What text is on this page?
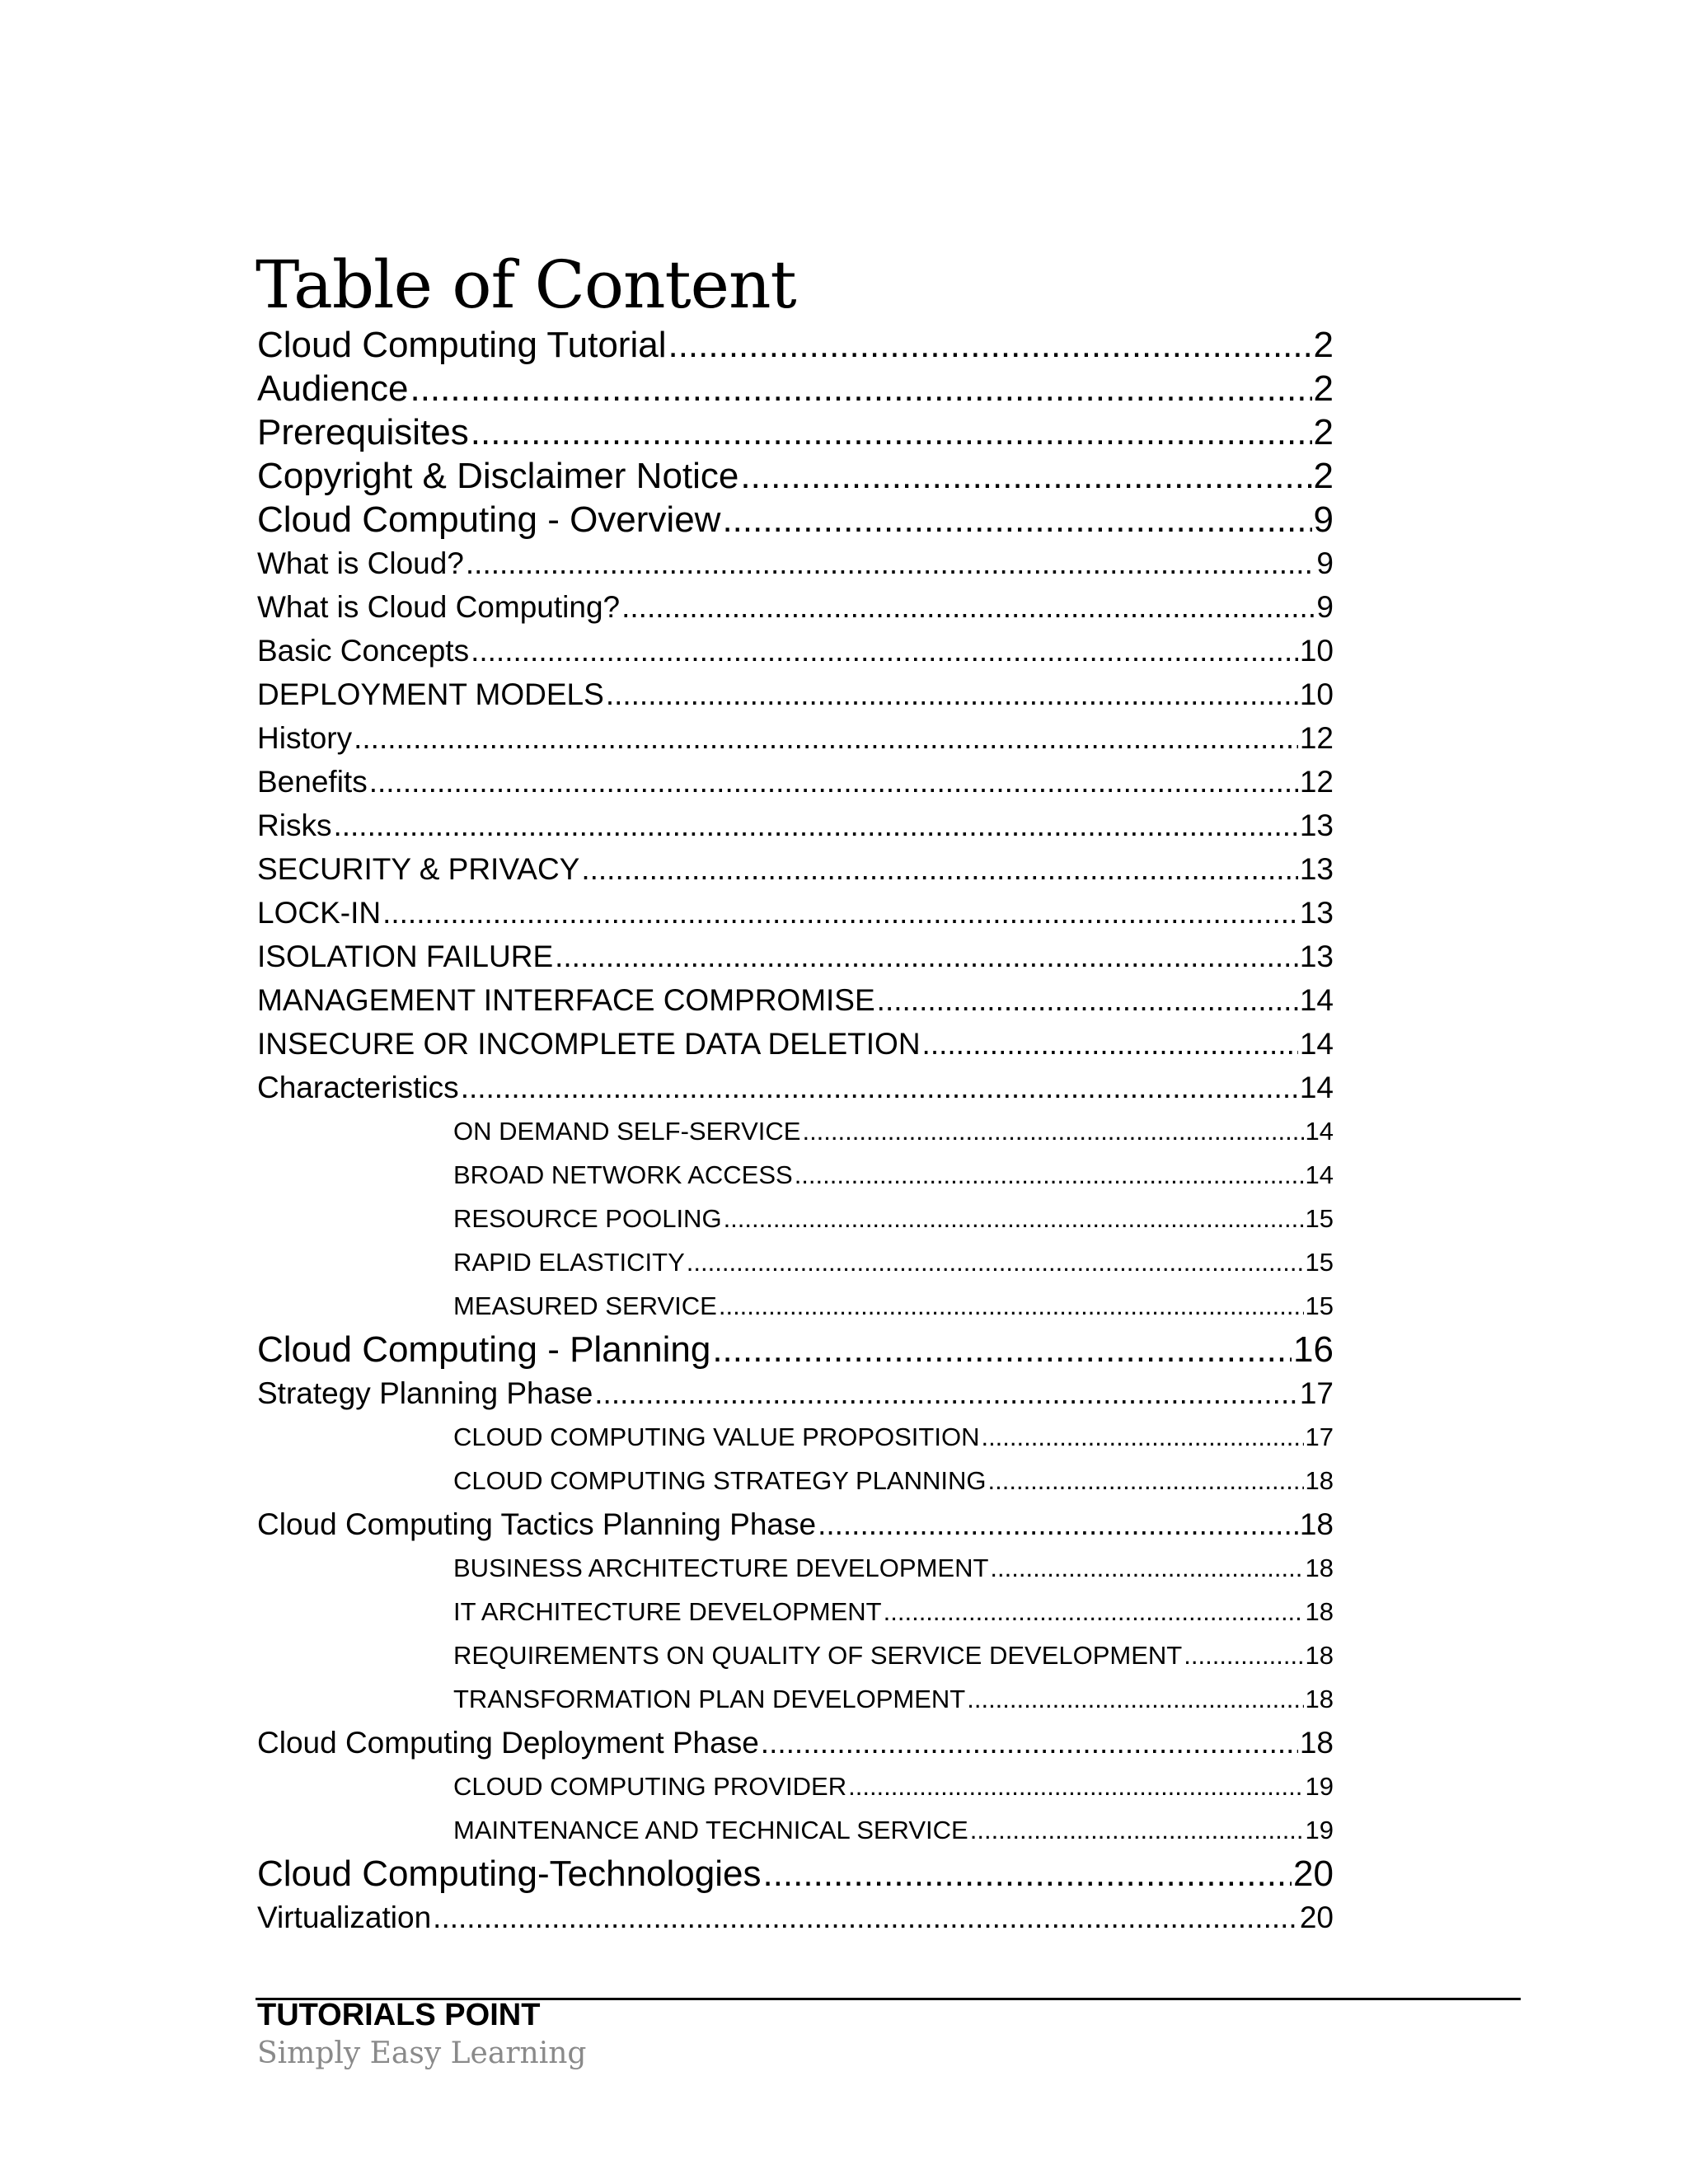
Table of Content
Cloud Computing Tutorial .....	2
Audience .....	2
Prerequisites .....	2
Copyright & Disclaimer Notice .....	2
Cloud Computing - Overview .....	9
What is Cloud? .....	9
What is Cloud Computing? .....	9
Basic Concepts .....	10
DEPLOYMENT MODELS .....	10
History .....	12
Benefits .....	12
Risks .....	13
SECURITY & PRIVACY .....	13
LOCK-IN .....	13
ISOLATION FAILURE .....	13
MANAGEMENT INTERFACE COMPROMISE .....	14
INSECURE OR INCOMPLETE DATA DELETION .....	14
Characteristics .....	14
ON DEMAND SELF-SERVICE .....	14
BROAD NETWORK ACCESS .....	14
RESOURCE POOLING .....	15
RAPID ELASTICITY .....	15
MEASURED SERVICE .....	15
Cloud Computing - Planning .....	16
Strategy Planning Phase .....	17
CLOUD COMPUTING VALUE PROPOSITION .....	17
CLOUD COMPUTING STRATEGY PLANNING .....	18
Cloud Computing Tactics Planning Phase .....	18
BUSINESS ARCHITECTURE DEVELOPMENT .....	18
IT ARCHITECTURE DEVELOPMENT .....	18
REQUIREMENTS ON QUALITY OF SERVICE DEVELOPMENT .....	18
TRANSFORMATION PLAN DEVELOPMENT .....	18
Cloud Computing Deployment Phase .....	18
CLOUD COMPUTING PROVIDER .....	19
MAINTENANCE AND TECHNICAL SERVICE .....	19
Cloud Computing-Technologies .....	20
Virtualization .....	20
TUTORIALS POINT
Simply Easy Learning
